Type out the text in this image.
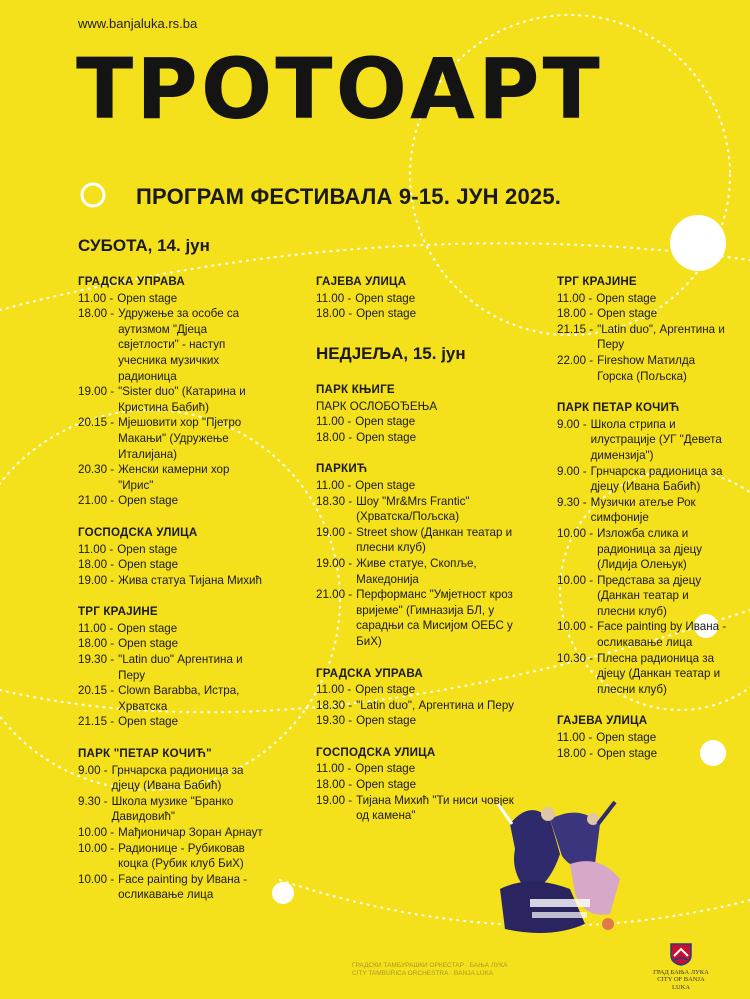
www.banjaluka.rs.ba
ТРОТОАРТ
ПРОГРАМ ФЕСТИВАЛА 9-15. ЈУН 2025.
СУБОТА, 14. јун
НЕДЈЕЉА, 15. јун
ГРАДСКА УПРАВА
11.00 - Open stage
18.00 - Удружење за особе са аутизмом "Дјеца свјетлости" - наступ учесника музичких радионица
19.00 - "Sister duo" (Катарина и Кристина Бабић)
20.15 - Мјешовити хор "Пјетро Макањи" (Удружење Италијана)
20.30 - Женски камерни хор "Ирис"
21.00 - Open stage
ГОСПОДСКА УЛИЦА
11.00 - Open stage
18.00 - Open stage
19.00 - Жива статуа Тијана Михић
ТРГ КРАЈИНЕ
11.00 - Open stage
18.00 - Open stage
19.30 - "Latin duo" Аргентина и Перу
20.15 - Clown Barabba, Истра, Хрватска
21.15 - Open stage
ПАРК "ПЕТАР КОЧИЋ"
9.00 - Грнчарска радионица за дјецу (Ивана Бабић)
9.30 - Школа музике "Бранко Давидовић"
10.00 - Мађионичар Зоран Арнаут
10.00 - Радионице - Рубиковав коцка (Рубик клуб БиХ)
10.00 - Face painting by Ивана - осликавање лица
ГАЈЕВА УЛИЦА
11.00 - Open stage
18.00 - Open stage
ПАРК КЊИГЕ
ПАРК ОСЛОБОЂЕЊА
11.00 - Open stage
18.00 - Open stage
ПАРКИЋ
11.00 - Open stage
18.30 - Шоу "Mr&Mrs Frantic" (Хрватска/Пољска)
19.00 - Street show (Данкан театар и плесни клуб)
19.00 - Живе статуе, Скопље, Македонија
21.00 - Перформанс "Умјетност кроз вријеме" (Гимназија БЛ, у сарадњи са Мисијом ОЕБС у БиХ)
ГРАДСКА УПРАВА
11.00 - Open stage
18.30 - "Latin duo", Аргентина и Перу
19.30 - Open stage
ГОСПОДСКА УЛИЦА
11.00 - Open stage
18.00 - Open stage
19.00 - Тијана Михић "Ти ниси човјек од камена"
ТРГ КРАЈИНЕ
11.00 - Open stage
18.00 - Open stage
21.15 - "Latin duo", Аргентина и Перу
22.00 - Fireshow Матилда Горска (Пољска)
ПАРК ПЕТАР КОЧИЋ
9.00 - Школа стрипа и илустрације (УГ "Девета димензија")
9.00 - Грнчарска радионица за дјецу (Ивана Бабић)
9.30 - Музички атеље Рок симфоније
10.00 - Изложба слика и радионица за дјецу (Лидија Олењук)
10.00 - Представа за дјецу (Данкан театар и плесни клуб)
10.00 - Face painting by Ивана - осликавање лица
10.30 - Плесна радионица за дјецу (Данкан театар и плесни клуб)
ГАЈЕВА УЛИЦА
11.00 - Open stage
18.00 - Open stage
ГРАДСКИ ТАМБУРАШКИ ОРКЕСТАР · БАЊА ЛУКА
CITY TAMBURICA ORCHESTRA · BANJA LUKA	ГРАД БАЊА ЛУКА
CITY OF BANJA LUKA
